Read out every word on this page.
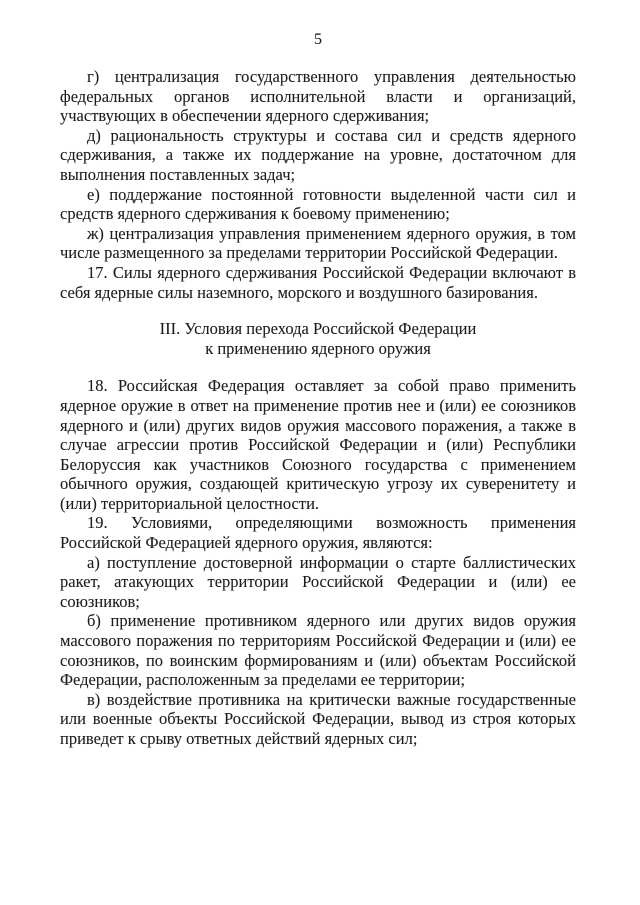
5

г) централизация государственного управления деятельностью федеральных органов исполнительной власти и организаций, участвующих в обеспечении ядерного сдерживания;

д) рациональность структуры и состава сил и средств ядерного сдерживания, а также их поддержание на уровне, достаточном для выполнения поставленных задач;

е) поддержание постоянной готовности выделенной части сил и средств ядерного сдерживания к боевому применению;

ж) централизация управления применением ядерного оружия, в том числе размещенного за пределами территории Российской Федерации.

17. Силы ядерного сдерживания Российской Федерации включают в себя ядерные силы наземного, морского и воздушного базирования.

III. Условия перехода Российской Федерации
к применению ядерного оружия

18. Российская Федерация оставляет за собой право применить ядерное оружие в ответ на применение против нее и (или) ее союзников ядерного и (или) других видов оружия массового поражения, а также в случае агрессии против Российской Федерации и (или) Республики Белоруссия как участников Союзного государства с применением обычного оружия, создающей критическую угрозу их суверенитету и (или) территориальной целостности.

19. Условиями, определяющими возможность применения Российской Федерацией ядерного оружия, являются:

а) поступление достоверной информации о старте баллистических ракет, атакующих территории Российской Федерации и (или) ее союзников;

б) применение противником ядерного или других видов оружия массового поражения по территориям Российской Федерации и (или) ее союзников, по воинским формированиям и (или) объектам Российской Федерации, расположенным за пределами ее территории;

в) воздействие противника на критически важные государственные или военные объекты Российской Федерации, вывод из строя которых приведет к срыву ответных действий ядерных сил;
